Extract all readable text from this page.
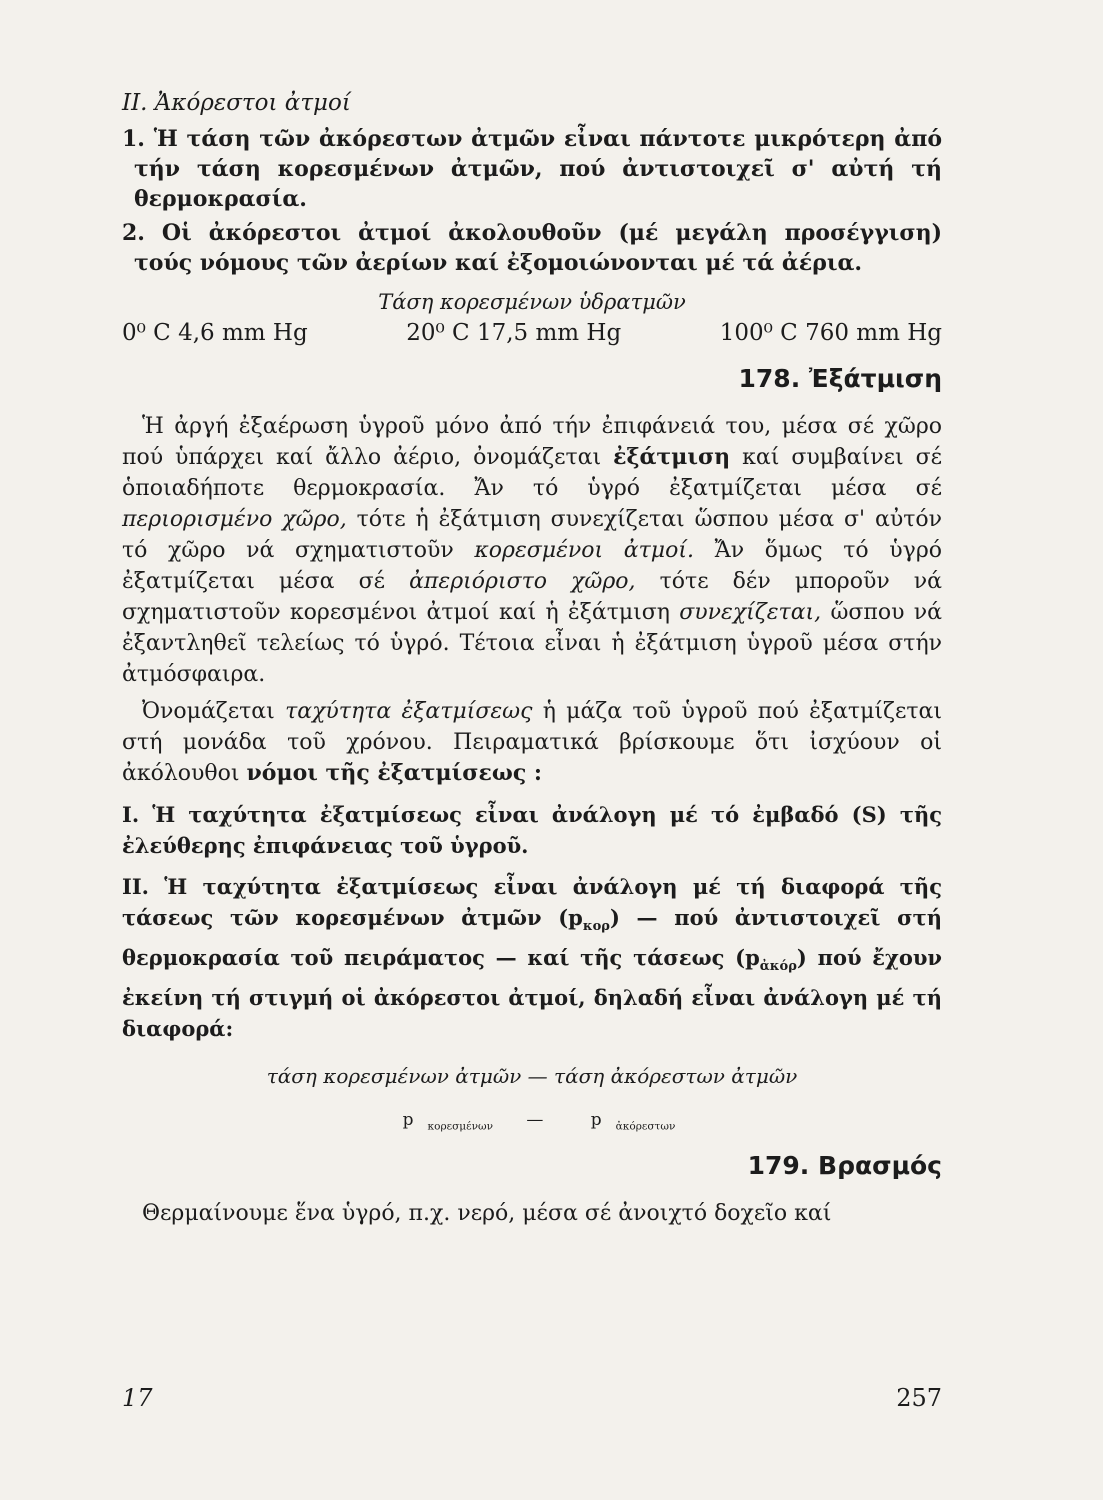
ΙΙ. Ἀκόρεστοι ἀτμοί

1. Ἡ τάση τῶν ἀκόρεστων ἀτμῶν εἶναι πάντοτε μικρότερη ἀπό τήν τάση κορεσμένων ἀτμῶν, πού ἀντιστοιχεῖ σ' αὐτή τή θερμοκρασία.

2. Οἱ ἀκόρεστοι ἀτμοί ἀκολουθοῦν (μέ μεγάλη προσέγγιση) τούς νόμους τῶν ἀερίων καί ἐξομοιώνονται μέ τά ἀέρια.

Τάση κορεσμένων ὑδρατμῶν
0⁰ C 4,6 mm Hg	20⁰ C 17,5 mm Hg	100⁰ C 760 mm Hg
178. Ἐξάτμιση

Ἡ ἀργή ἐξαέρωση ὑγροῦ μόνο ἀπό τήν ἐπιφάνειά του, μέσα σέ χῶρο πού ὑπάρχει καί ἄλλο ἀέριο, ὀνομάζεται ἐξάτμιση καί συμβαίνει σέ ὁποιαδήποτε θερμοκρασία. Ἄν τό ὑγρό ἐξατμίζεται μέσα σέ περιορισμένο χῶρο, τότε ἡ ἐξάτμιση συνεχίζεται ὥσπου μέσα σ' αὐτόν τό χῶρο νά σχηματιστοῦν κορεσμένοι ἀτμοί. Ἄν ὅμως τό ὑγρό ἐξατμίζεται μέσα σέ ἀπεριόριστο χῶρο, τότε δέν μποροῦν νά σχηματιστοῦν κορεσμένοι ἀτμοί καί ἡ ἐξάτμιση συνεχίζεται, ὥσπου νά ἐξαντληθεῖ τελείως τό ὑγρό. Τέτοια εἶναι ἡ ἐξάτμιση ὑγροῦ μέσα στήν ἀτμόσφαιρα.

Ὀνομάζεται ταχύτητα ἐξατμίσεως ἡ μάζα τοῦ ὑγροῦ πού ἐξατμίζεται στή μονάδα τοῦ χρόνου. Πειραματικά βρίσκουμε ὅτι ἰσχύουν οἱ ἀκόλουθοι νόμοι τῆς ἐξατμίσεως :

Ι. Ἡ ταχύτητα ἐξατμίσεως εἶναι ἀνάλογη μέ τό ἐμβαδό (S) τῆς ἐλεύθερης ἐπιφάνειας τοῦ ὑγροῦ.

ΙΙ. Ἡ ταχύτητα ἐξατμίσεως εἶναι ἀνάλογη μέ τή διαφορά τῆς τάσεως τῶν κορεσμένων ἀτμῶν $(p_{\kappa o\rho})$ — πού ἀντιστοιχεῖ στή θερμοκρασία τοῦ πειράματος — καί τῆς τάσεως $(p_{ἀ\kappa ό\rho})$ πού ἔχουν ἐκείνη τή στιγμή οἱ ἀκόρεστοι ἀτμοί, δηλαδή εἶναι ἀνάλογη μέ τή διαφορά:

τάση κορεσμένων ἀτμῶν — τάση ἀκόρεστων ἀτμῶν
p $_{\kappa o\rho\varepsilon\sigma\mu έ\nu\omega\nu}$ —	p $_{ἀ\kappa ό\rho\varepsilon\sigma\tau\omega\nu}$
179. Βρασμός

Θερμαίνουμε ἕνα ὑγρό, π.χ. νερό, μέσα σέ ἀνοιχτό δοχεῖο καί

17	257
